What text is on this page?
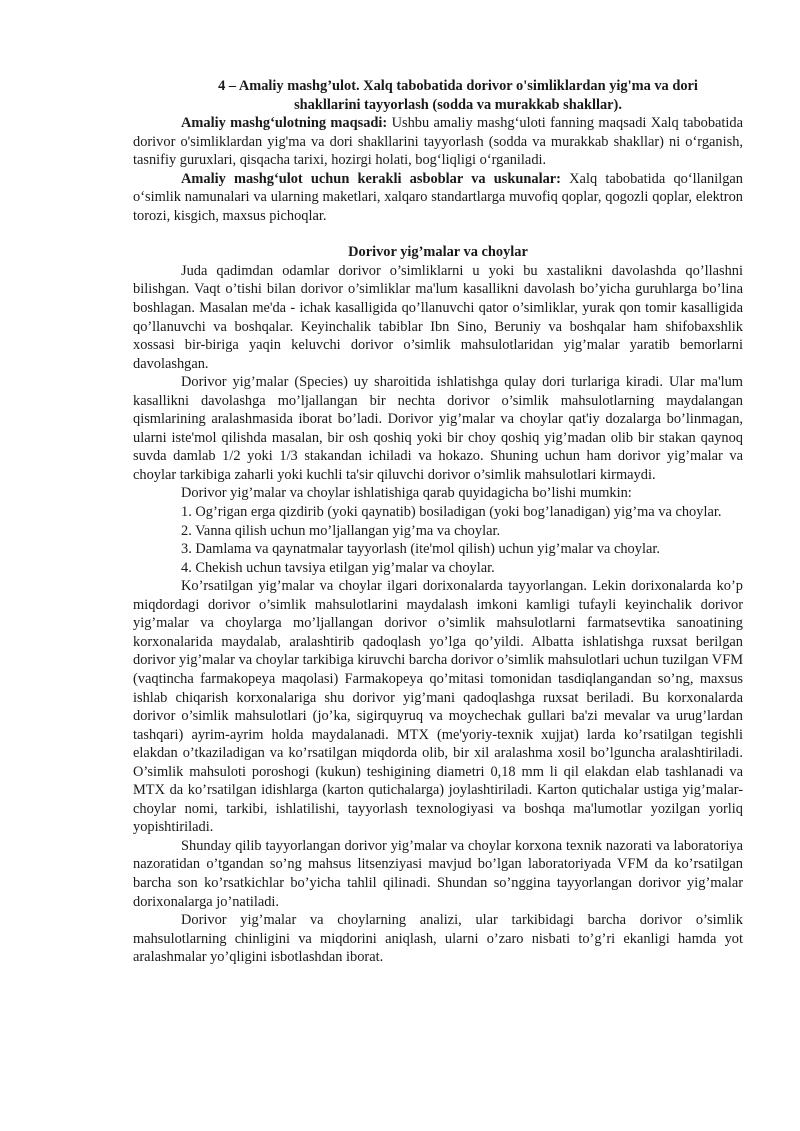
4 – Amaliy mashg’ulot. Xalq tabobatida dorivor o'simliklardan yig'ma va dori
shakllarini tayyorlash (sodda va murakkab shakllar).

Amaliy mashg‘ulotning maqsadi: Ushbu amaliy mashg‘uloti fanning maqsadi Xalq tabobatida dorivor o'simliklardan yig'ma va dori shakllarini tayyorlash (sodda va murakkab shakllar) ni o‘rganish, tasnifiy guruxlari, qisqacha tarixi, hozirgi holati, bog‘liqligi o‘rganiladi.

Amaliy mashg‘ulot uchun kerakli asboblar va uskunalar: Xalq tabobatida qo‘llanilgan o‘simlik namunalari va ularning maketlari, xalqaro standartlarga muvofiq qoplar, qogozli qoplar, elektron torozi, kisgich, maxsus pichoqlar.

Dorivor yig’malar va choylar

Juda qadimdan odamlar dorivor o’simliklarni u yoki bu xastalikni davolashda qo’llashni bilishgan. Vaqt o’tishi bilan dorivor o’simliklar ma'lum kasallikni davolash bo’yicha guruhlarga bo’lina boshlagan. Masalan me'da - ichak kasalligida qo’llanuvchi qator o’simliklar, yurak qon tomir kasalligida qo’llanuvchi va boshqalar. Keyinchalik tabiblar Ibn Sino, Beruniy va boshqalar ham shifobaxshlik xossasi bir-biriga yaqin keluvchi dorivor o’simlik mahsulotlaridan yig’malar yaratib bemorlarni davolashgan.

Dorivor yig’malar (Species) uy sharoitida ishlatishga qulay dori turlariga kiradi. Ular ma'lum kasallikni davolashga mo’ljallangan bir nechta dorivor o’simlik mahsulotlarning maydalangan qismlarining aralashmasida iborat bo’ladi. Dorivor yig’malar va choylar qat'iy dozalarga bo’linmagan, ularni iste'mol qilishda masalan, bir osh qoshiq yoki bir choy qoshiq yig’madan olib bir stakan qaynoq suvda damlab 1/2 yoki 1/3 stakandan ichiladi va hokazo. Shuning uchun ham dorivor yig’malar va choylar tarkibiga zaharli yoki kuchli ta'sir qiluvchi dorivor o’simlik mahsulotlari kirmaydi.

Dorivor yig’malar va choylar ishlatishiga qarab quyidagicha bo’lishi mumkin:

1. Og’rigan erga qizdirib (yoki qaynatib) bosiladigan (yoki bog’lanadigan) yig’ma va choylar.

2. Vanna qilish uchun mo’ljallangan yig’ma va choylar.

3. Damlama va qaynatmalar tayyorlash (ite'mol qilish) uchun yig’malar va choylar.

4. Chekish uchun tavsiya etilgan yig’malar va choylar.

Ko’rsatilgan yig’malar va choylar ilgari dorixonalarda tayyorlangan. Lekin dorixonalarda ko’p miqdordagi dorivor o’simlik mahsulotlarini maydalash imkoni kamligi tufayli keyinchalik dorivor yig’malar va choylarga mo’ljallangan dorivor o’simlik mahsulotlarni farmatsevtika sanoatining korxonalarida maydalab, aralashtirib qadoqlash yo’lga qo’yildi. Albatta ishlatishga ruxsat berilgan dorivor yig’malar va choylar tarkibiga kiruvchi barcha dorivor o’simlik mahsulotlari uchun tuzilgan VFM (vaqtincha farmakopeya maqolasi) Farmakopeya qo’mitasi tomonidan tasdiqlangandan so’ng, maxsus ishlab chiqarish korxonalariga shu dorivor yig’mani qadoqlashga ruxsat beriladi. Bu korxonalarda dorivor o’simlik mahsulotlari (jo’ka, sigirquyruq va moychechak gullari ba'zi mevalar va urug’lardan tashqari) ayrim-ayrim holda maydalanadi. MTX (me'yoriy-texnik xujjat) larda ko’rsatilgan tegishli elakdan o’tkaziladigan va ko’rsatilgan miqdorda olib, bir xil aralashma xosil bo’lguncha aralashtiriladi. O’simlik mahsuloti poroshogi (kukun) teshigining diametri 0,18 mm li qil elakdan elab tashlanadi va MTX da ko’rsatilgan idishlarga (karton qutichalarga) joylashtiriladi. Karton qutichalar ustiga yig’malar-choylar nomi, tarkibi, ishlatilishi, tayyorlash texnologiyasi va boshqa ma'lumotlar yozilgan yorliq yopishtiriladi.

Shunday qilib tayyorlangan dorivor yig’malar va choylar korxona texnik nazorati va laboratoriya nazoratidan o’tgandan so’ng mahsus litsenziyasi mavjud bo’lgan laboratoriyada VFM da ko’rsatilgan barcha son ko’rsatkichlar bo’yicha tahlil qilinadi. Shundan so’nggina tayyorlangan dorivor yig’malar dorixonalarga jo’natiladi.

Dorivor yig’malar va choylarning analizi, ular tarkibidagi barcha dorivor o’simlik mahsulotlarning chinligini va miqdorini aniqlash, ularni o’zaro nisbati to’g’ri ekanligi hamda yot aralashmalar yo’qligini isbotlashdan iborat.
